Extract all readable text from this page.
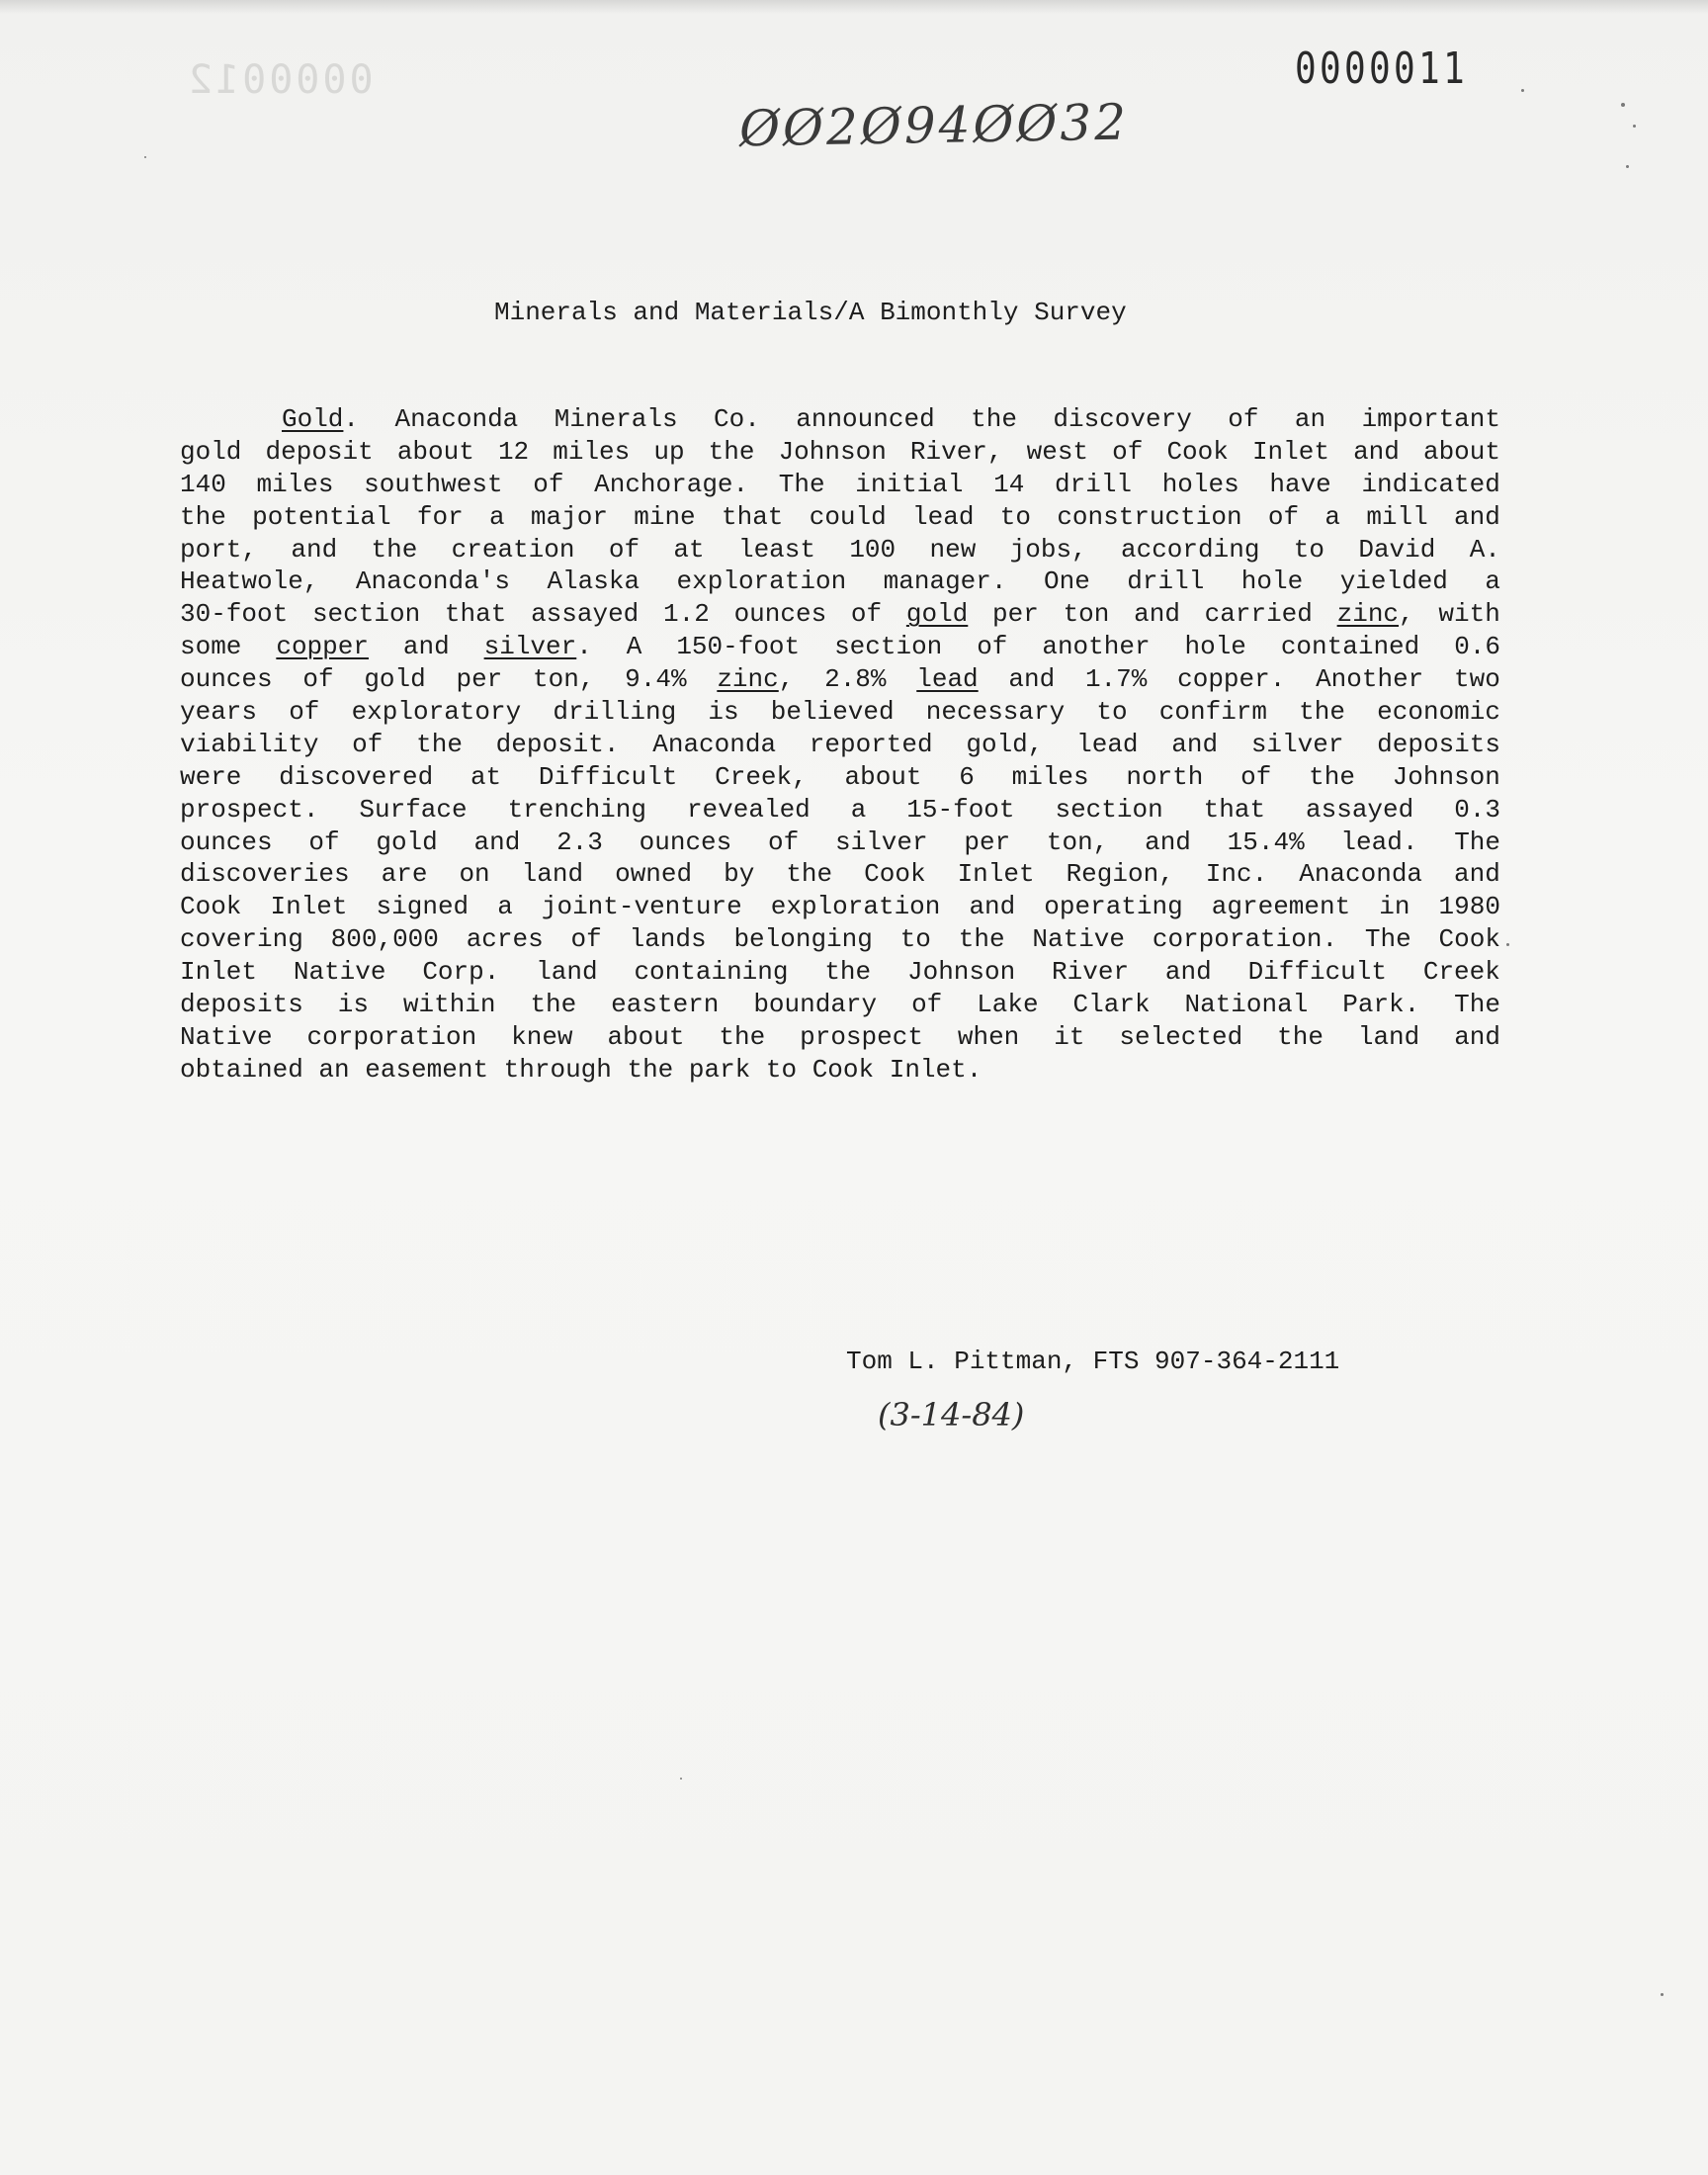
0000012	0000011
ØØ2Ø94ØØ32
Minerals and Materials/A Bimonthly Survey
Gold. Anaconda Minerals Co. announced the discovery of an important
gold deposit about 12 miles up the Johnson River, west of Cook Inlet and about
140 miles southwest of Anchorage. The initial 14 drill holes have indicated
the potential for a major mine that could lead to construction of a mill and
port, and the creation of at least 100 new jobs, according to David A.
Heatwole, Anaconda's Alaska exploration manager. One drill hole yielded a
30-foot section that assayed 1.2 ounces of gold per ton and carried zinc, with
some copper and silver. A 150-foot section of another hole contained 0.6
ounces of gold per ton, 9.4% zinc, 2.8% lead and 1.7% copper. Another two
years of exploratory drilling is believed necessary to confirm the economic
viability of the deposit. Anaconda reported gold, lead and silver deposits
were discovered at Difficult Creek, about 6 miles north of the Johnson
prospect. Surface trenching revealed a 15-foot section that assayed 0.3
ounces of gold and 2.3 ounces of silver per ton, and 15.4% lead. The
discoveries are on land owned by the Cook Inlet Region, Inc. Anaconda and
Cook Inlet signed a joint-venture exploration and operating agreement in 1980
covering 800,000 acres of lands belonging to the Native corporation. The Cook
Inlet Native Corp. land containing the Johnson River and Difficult Creek
deposits is within the eastern boundary of Lake Clark National Park. The
Native corporation knew about the prospect when it selected the land and
obtained an easement through the park to Cook Inlet.
Tom L. Pittman, FTS 907-364-2111
(3-14-84)
